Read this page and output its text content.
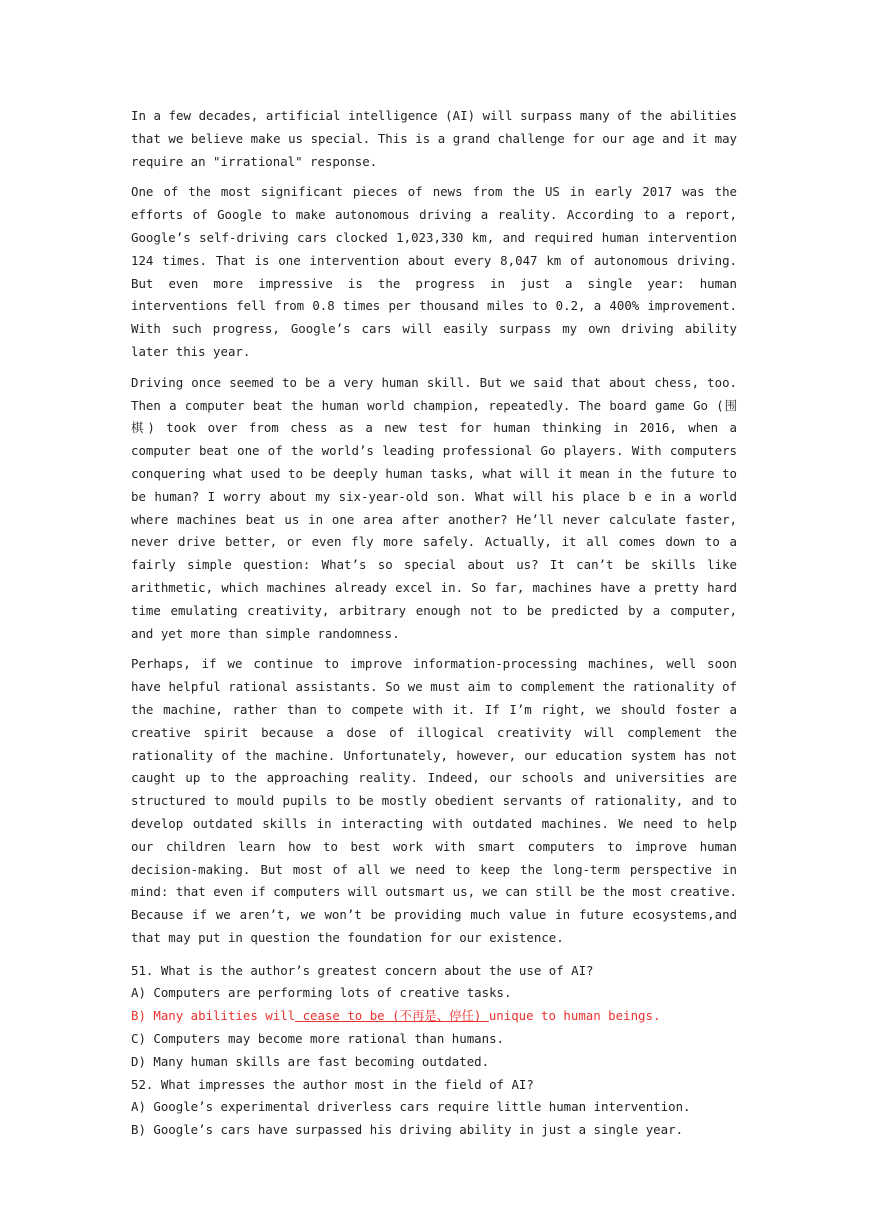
In a few decades, artificial intelligence (AI) will surpass many of the abilities that we believe make us special. This is a grand challenge for our age and it may require an "irrational" response.

One of the most significant pieces of news from the US in early 2017 was the efforts of Google to make autonomous driving a reality. According to a report, Google’s self-driving cars clocked 1,023,330 km, and required human intervention 124 times. That is one intervention about every 8,047 km of autonomous driving. But even more impressive is the progress in just a single year: human interventions fell from 0.8 times per thousand miles to 0.2, a 400% improvement. With such progress, Google’s cars will easily surpass my own driving ability later this year.

Driving once seemed to be a very human skill. But we said that about chess, too. Then a computer beat the human world champion, repeatedly. The board game Go (围棋) took over from chess as a new test for human thinking in 2016, when a computer beat one of the world’s leading professional Go players. With computers conquering what used to be deeply human tasks, what will it mean in the future to be human? I worry about my six-year-old son. What will his place b e in a world where machines beat us in one area after another? He’ll never calculate faster, never drive better, or even fly more safely. Actually, it all comes down to a fairly simple question: What’s so special about us? It can’t be skills like arithmetic, which machines already excel in. So far, machines have a pretty hard time emulating creativity, arbitrary enough not to be predicted by a computer, and yet more than simple randomness.

Perhaps, if we continue to improve information-processing machines, well soon have helpful rational assistants. So we must aim to complement the rationality of the machine, rather than to compete with it. If I’m right, we should foster a creative spirit because a dose of illogical creativity will complement the rationality of the machine. Unfortunately, however, our education system has not caught up to the approaching reality. Indeed, our schools and universities are structured to mould pupils to be mostly obedient servants of rationality, and to develop outdated skills in interacting with outdated machines. We need to help our children learn how to best work with smart computers to improve human decision-making. But most of all we need to keep the long-term perspective in mind: that even if computers will outsmart us, we can still be the most creative. Because if we aren’t, we won’t be providing much value in future ecosystems,and that may put in question the foundation for our existence.

51. What is the author’s greatest concern about the use of AI?

A) Computers are performing lots of creative tasks.

B) Many abilities will cease to be (不再是、停任) unique to human beings.

C) Computers may become more rational than humans.

D) Many human skills are fast becoming outdated.

52. What impresses the author most in the field of AI?

A) Google’s experimental driverless cars require little human intervention.

B) Google’s cars have surpassed his driving ability in just a single year.
